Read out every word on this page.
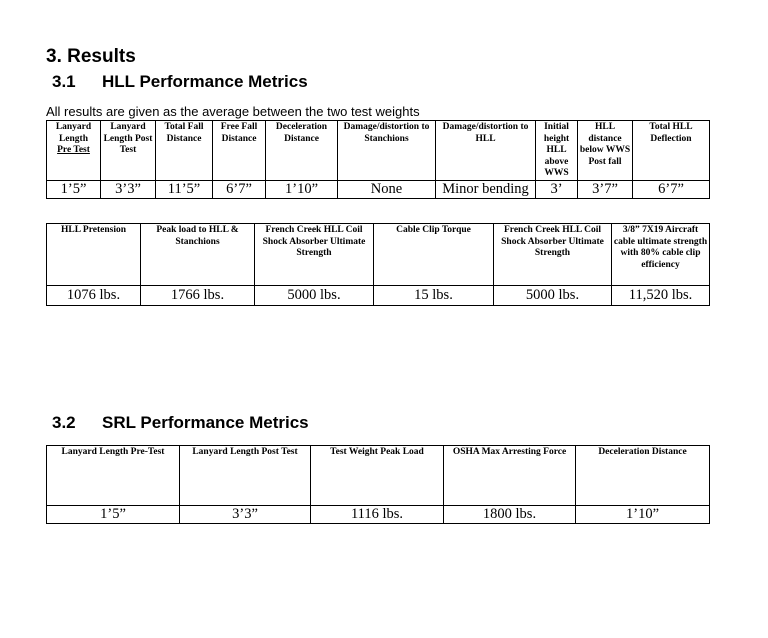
3. Results
3.1 HLL Performance Metrics
All results are given as the average between the two test weights
Lanyard Length
Pre Test	Lanyard Length Post Test	Total Fall Distance	Free Fall Distance	Deceleration Distance	Damage/distortion to Stanchions	Damage/distortion to HLL	Initial height HLL above WWS	HLL distance below WWS Post fall	Total HLL Deflection
1’5”	3’3”	11’5”	6’7”	1’10”	None	Minor bending	3’	3’7”	6’7”
HLL Pretension	Peak load to HLL & Stanchions	French Creek HLL Coil Shock Absorber Ultimate Strength	Cable Clip Torque	French Creek HLL Coil Shock Absorber Ultimate Strength	3/8” 7X19 Aircraft cable ultimate strength with 80% cable clip efficiency
1076 lbs.	1766 lbs.	5000 lbs.	15 lbs.	5000 lbs.	11,520 lbs.
3.2 SRL Performance Metrics
Lanyard Length Pre-Test	Lanyard Length Post Test	Test Weight Peak Load	OSHA Max Arresting Force	Deceleration Distance
1’5”	3’3”	1116 lbs.	1800 lbs.	1’10”
